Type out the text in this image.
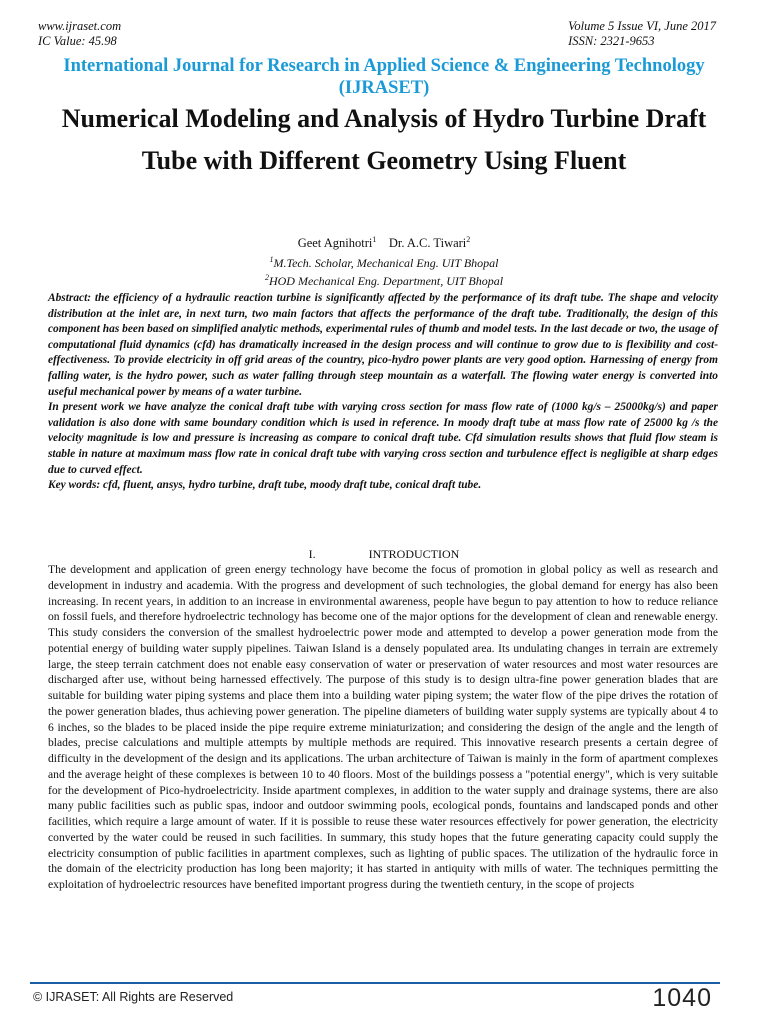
www.ijraset.com
IC Value: 45.98
Volume 5 Issue VI, June 2017
ISSN: 2321-9653
International Journal for Research in Applied Science & Engineering Technology (IJRASET)
Numerical Modeling and Analysis of Hydro Turbine Draft Tube with Different Geometry Using Fluent
Geet Agnihotri$^1$ Dr. A.C. Tiwari$^2$
$^1$M.Tech. Scholar, Mechanical Eng. UIT Bhopal
$^2$HOD Mechanical Eng. Department, UIT Bhopal

Abstract: the efficiency of a hydraulic reaction turbine is significantly affected by the performance of its draft tube. The shape and velocity distribution at the inlet are, in next turn, two main factors that affects the performance of the draft tube. Traditionally, the design of this component has been based on simplified analytic methods, experimental rules of thumb and model tests. In the last decade or two, the usage of computational fluid dynamics (cfd) has dramatically increased in the design process and will continue to grow due to is flexibility and cost-effectiveness. To provide electricity in off grid areas of the country, pico-hydro power plants are very good option. Harnessing of energy from falling water, is the hydro power, such as water falling through steep mountain as a waterfall. The flowing water energy is converted into useful mechanical power by means of a water turbine.

In present work we have analyze the conical draft tube with varying cross section for mass flow rate of (1000 kg/s – 25000kg/s) and paper validation is also done with same boundary condition which is used in reference. In moody draft tube at mass flow rate of 25000 kg /s the velocity magnitude is low and pressure is increasing as compare to conical draft tube. Cfd simulation results shows that fluid flow steam is stable in nature at maximum mass flow rate in conical draft tube with varying cross section and turbulence effect is negligible at sharp edges due to curved effect.

Key words: cfd, fluent, ansys, hydro turbine, draft tube, moody draft tube, conical draft tube.

I.	INTRODUCTION

The development and application of green energy technology have become the focus of promotion in global policy as well as research and development in industry and academia. With the progress and development of such technologies, the global demand for energy has also been increasing. In recent years, in addition to an increase in environmental awareness, people have begun to pay attention to how to reduce reliance on fossil fuels, and therefore hydroelectric technology has become one of the major options for the development of clean and renewable energy. This study considers the conversion of the smallest hydroelectric power mode and attempted to develop a power generation mode from the potential energy of building water supply pipelines. Taiwan Island is a densely populated area. Its undulating changes in terrain are extremely large, the steep terrain catchment does not enable easy conservation of water or preservation of water resources and most water resources are discharged after use, without being harnessed effectively. The purpose of this study is to design ultra-fine power generation blades that are suitable for building water piping systems and place them into a building water piping system; the water flow of the pipe drives the rotation of the power generation blades, thus achieving power generation. The pipeline diameters of building water supply systems are typically about 4 to 6 inches, so the blades to be placed inside the pipe require extreme miniaturization; and considering the design of the angle and the length of blades, precise calculations and multiple attempts by multiple methods are required. This innovative research presents a certain degree of difficulty in the development of the design and its applications. The urban architecture of Taiwan is mainly in the form of apartment complexes and the average height of these complexes is between 10 to 40 floors. Most of the buildings possess a "potential energy", which is very suitable for the development of Pico-hydroelectricity. Inside apartment complexes, in addition to the water supply and drainage systems, there are also many public facilities such as public spas, indoor and outdoor swimming pools, ecological ponds, fountains and landscaped ponds and other facilities, which require a large amount of water. If it is possible to reuse these water resources effectively for power generation, the electricity converted by the water could be reused in such facilities. In summary, this study hopes that the future generating capacity could supply the electricity consumption of public facilities in apartment complexes, such as lighting of public spaces. The utilization of the hydraulic force in the domain of the electricity production has long been majority; it has started in antiquity with mills of water. The techniques permitting the exploitation of hydroelectric resources have benefited important progress during the twentieth century, in the scope of projects

© IJRASET: All Rights are Reserved	1040
